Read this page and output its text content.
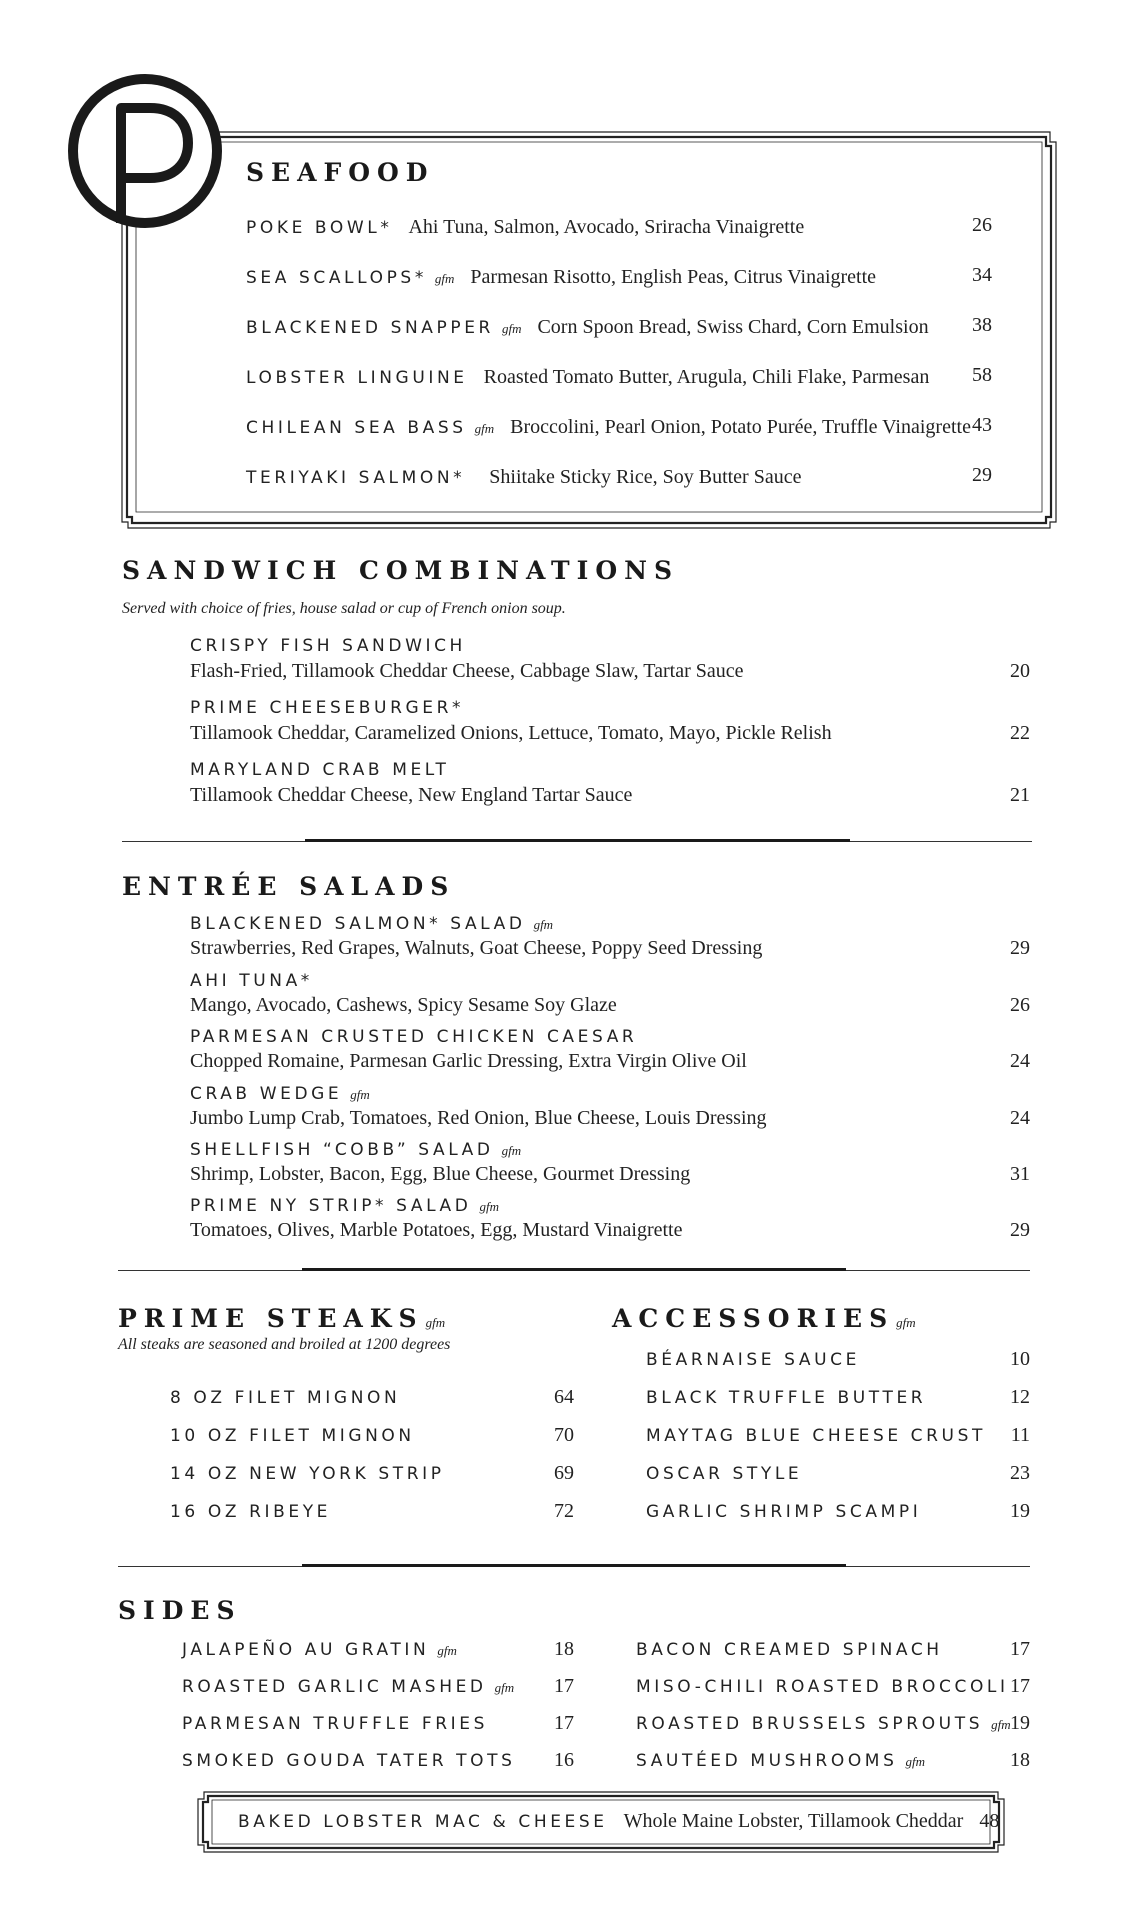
SEAFOOD
POKE BOWL* Ahi Tuna, Salmon, Avocado, Sriracha Vinaigrette	26
SEA SCALLOPS* gfm Parmesan Risotto, English Peas, Citrus Vinaigrette	34
BLACKENED SNAPPER gfm Corn Spoon Bread, Swiss Chard, Corn Emulsion	38
LOBSTER LINGUINE Roasted Tomato Butter, Arugula, Chili Flake, Parmesan	58
CHILEAN SEA BASS gfm Broccolini, Pearl Onion, Potato Purée, Truffle Vinaigrette 43
TERIYAKI SALMON* Shiitake Sticky Rice, Soy Butter Sauce	29
SANDWICH COMBINATIONS
Served with choice of fries, house salad or cup of French onion soup.
CRISPY FISH SANDWICH
Flash-Fried, Tillamook Cheddar Cheese, Cabbage Slaw, Tartar Sauce	20
PRIME CHEESEBURGER*
Tillamook Cheddar, Caramelized Onions, Lettuce, Tomato, Mayo, Pickle Relish	22
MARYLAND CRAB MELT
Tillamook Cheddar Cheese, New England Tartar Sauce	21
ENTRÉE SALADS
BLACKENED SALMON* SALAD gfm
Strawberries, Red Grapes, Walnuts, Goat Cheese, Poppy Seed Dressing	29
AHI TUNA*
Mango, Avocado, Cashews, Spicy Sesame Soy Glaze	26
PARMESAN CRUSTED CHICKEN CAESAR
Chopped Romaine, Parmesan Garlic Dressing, Extra Virgin Olive Oil	24
CRAB WEDGE gfm
Jumbo Lump Crab, Tomatoes, Red Onion, Blue Cheese, Louis Dressing	24
SHELLFISH “COBB” SALAD gfm
Shrimp, Lobster, Bacon, Egg, Blue Cheese, Gourmet Dressing	31
PRIME NY STRIP* SALAD gfm
Tomatoes, Olives, Marble Potatoes, Egg, Mustard Vinaigrette	29
PRIME STEAKS gfm
All steaks are seasoned and broiled at 1200 degrees
8 OZ FILET MIGNON	64
10 OZ FILET MIGNON	70
14 OZ NEW YORK STRIP	69
16 OZ RIBEYE	72
ACCESSORIES gfm
BÉARNAISE SAUCE	10
BLACK TRUFFLE BUTTER	12
MAYTAG BLUE CHEESE CRUST	11
OSCAR STYLE	23
GARLIC SHRIMP SCAMPI	19
SIDES
JALAPEÑO AU GRATIN gfm	18
ROASTED GARLIC MASHED gfm	17
PARMESAN TRUFFLE FRIES	17
SMOKED GOUDA TATER TOTS	16
BACON CREAMED SPINACH	17
MISO-CHILI ROASTED BROCCOLI 17
ROASTED BRUSSELS SPROUTS gfm 19
SAUTÉED MUSHROOMS gfm	18
BAKED LOBSTER MAC & CHEESE Whole Maine Lobster, Tillamook Cheddar 48
